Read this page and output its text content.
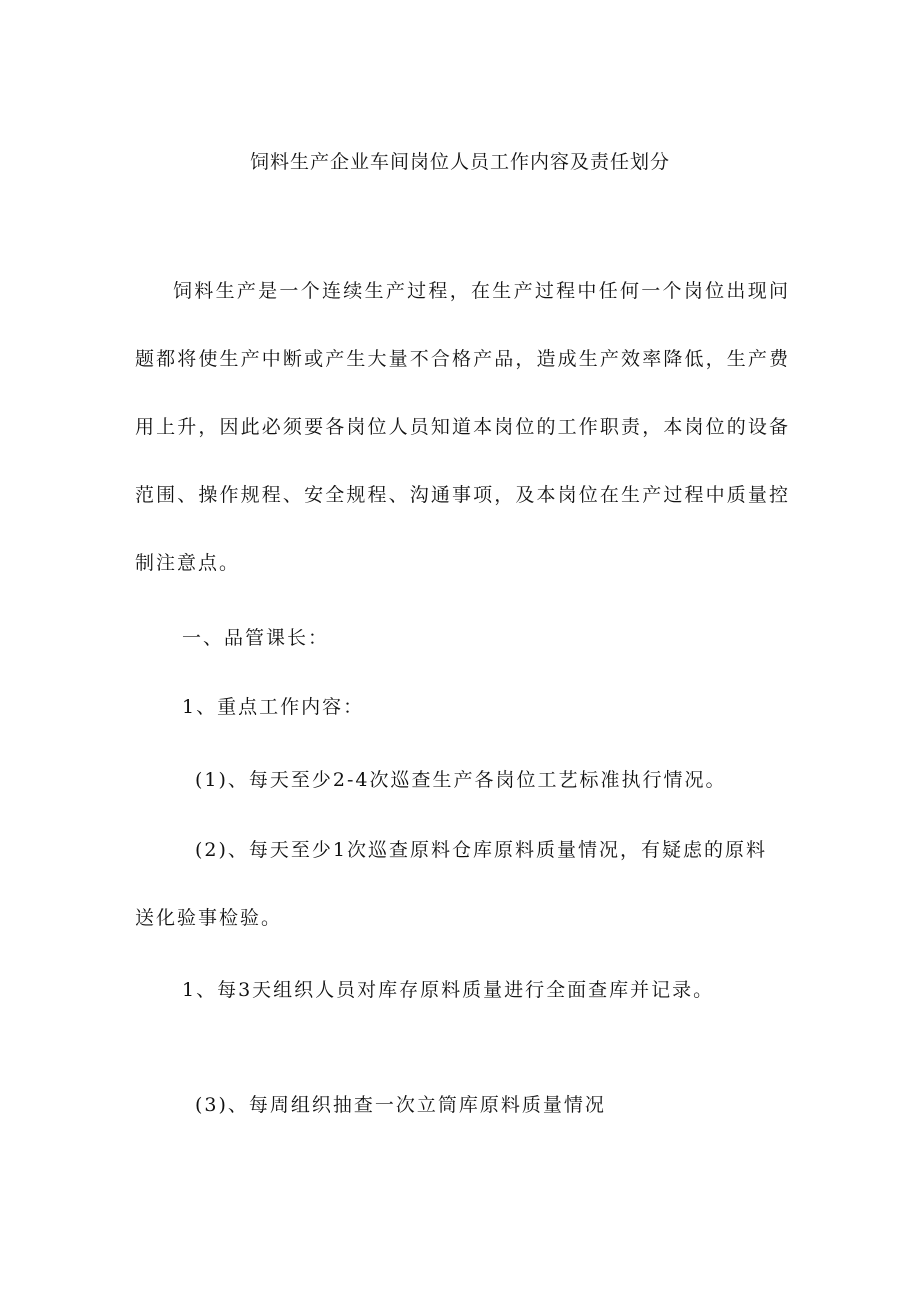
饲料生产企业车间岗位人员工作内容及责任划分

饲料生产是一个连续生产过程，在生产过程中任何一个岗位出现问题都将使生产中断或产生大量不合格产品，造成生产效率降低，生产费用上升，因此必须要各岗位人员知道本岗位的工作职责，本岗位的设备范围、操作规程、安全规程、沟通事项，及本岗位在生产过程中质量控制注意点。

一、品管课长：

1、重点工作内容：

(1)、每天至少2-4次巡查生产各岗位工艺标准执行情况。

(2)、每天至少1次巡查原料仓库原料质量情况，有疑虑的原料

送化验事检验。

1、每3天组织人员对库存原料质量进行全面查库并记录。

(3)、每周组织抽查一次立筒库原料质量情况
